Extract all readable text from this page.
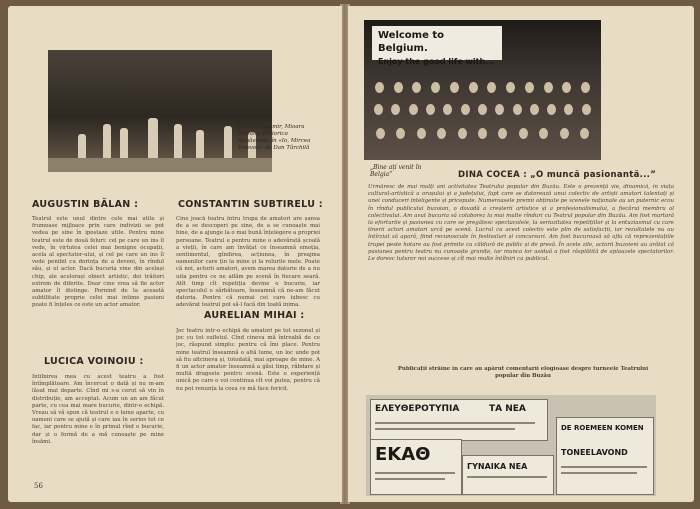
Onița Dragomir, Mioara Olteanu și Viorica Bunăvoiețu în «Io, Mircea Voievod» de Dan Tărchilă
AUGUSTIN BĂLAN :
Teatrul este unul dintre cele mai utile și frumoase mijloace prin care indivizii se pot vedea pe sine în ipostaze utile. Pentru mine teatrul este de două feluri: cel pe care un ins îl vede, în virtutea celei mai benigne ocupații, acela al spectator-ului, și cel pe care un ins îl vede penibil cu dorința de a deveni, în rîndul său, și el actor. Dacă bucuria vine din același chip, ale acelorași obiect artistic, doi trăitori extrem de diferite. Doar cine vrea să fie actor amator îl distinge. Pornind de la această subtilitate proprie celei mai intime pasiuni poate fi înțeles ce este un actor amator.
LUCICA VOINOIU :
Intîlnirea mea cu acest teatru a fost întîmplătoare. Am încercat o dată și nu m-am lăsat mai departe. Cînd mi s-a cerut să vin în distribuție, am acceptat. Acum un an am făcut parte, cu cea mai mare bucurie, dintr-o echipă. Vreau să vă spun că teatrul e o lume aparte, cu oameni care se ajută și care iau în serios tot ce fac, iar pentru mine e în primul rînd o bucurie, dar și o formă de a mă cunoaște pe mine însămi.
CONSTANTIN SUBTIRELU :
Cine joacă teatru întru trupa de amatori are șansa de a se descoperi pe sine, de a se cunoaște mai bine, de a ajunge la o mai bună înțelegere a propriei persoane. Teatrul e pentru mine o adevărată școală a vieții, în care am învățat ce înseamnă emoția, sentimentul, gîndirea, acțiunea, în preajma oamenilor care țin la mine și la rolurile mele. Poate că noi, actorii amatori, avem marea datorie de a nu uita pentru ce ne aflăm pe scenă în fiecare seară. Atît timp cît repetiția devine o bucurie, iar spectacolul o sărbătoare, înseamnă că ne-am făcut datoria. Pentru că numai cei care iubesc cu adevărat teatrul pot să-l facă din toată inima.
AURELIAN MIHAI :
Joc teatru într-o echipă de amatori pe tot sezonul și joc cu tot sufletul. Cînd cineva mă întreabă de ce joc, răspund simplu: pentru că îmi place. Pentru mine teatrul înseamnă o altă lume, un loc unde pot să fiu altcineva și, totodată, mai aproape de mine. A fi un actor amator înseamnă a găsi timp, răbdare și multă dragoste pentru scenă. Este o experiență unică pe care o voi continua cît voi putea, pentru că nu pot renunța la ceea ce mă face fericit.
56
Welcome to Belgium.
Enjoy the good life with...
„Bine ați venit în Belgia”	DINA COCEA : „O muncă pasionantă...”
Urmăresc de mai mulți ani activitatea Teatrului popular din Buzău. Este o prezență vie, dinamică, în viața cultural-artistică a orașului și a județului, fapt care se datorează unui colectiv de artiști amatori talentați și unei conduceri inteligente și pricepute. Numeroasele premii obținute pe scenele naționale au un puternic ecou în rîndul publicului buzoian, o dovadă a creșterii artistice și a profesionalismului, a fiecărui membru al colectivului. Am avut bucuria să colaborez la mai multe rînduri cu Teatrul popular din Buzău. Am fost martoră la eforturile și pasiunea cu care se pregătesc spectacolele, la seriozitatea repetițiilor și la entuziasmul cu care tinerii actori amatori urcă pe scenă. Lucrul cu acest colectiv este plin de satisfacții, iar rezultatele nu au întîrziat să apară, fiind recunoscute în festivaluri și concursuri. Am fost bucuroasă să aflu că reprezentațiile trupei peste hotare au fost primite cu căldură de public și de presă. În acele zile, actorii buzoieni au arătat că pasiunea pentru teatru nu cunoaște granițe, iar munca lor asiduă a fost răsplătită de aplauzele spectatorilor. Le doresc tuturor noi succese și cît mai multe întîlniri cu publicul.
Publicații străine în care au apărut comentarii elogioase despre turneele Teatrului popular din Buzău
ΕΛΕΥΘΕΡΟΤΥΠΙΑ	ΤΑ ΝΕΑ
ΕΚΑΘ
ΓΥΝΑΙΚΑ ΝΕΑ
DE ROEMEEN KOMEN
TONEELAVOND
